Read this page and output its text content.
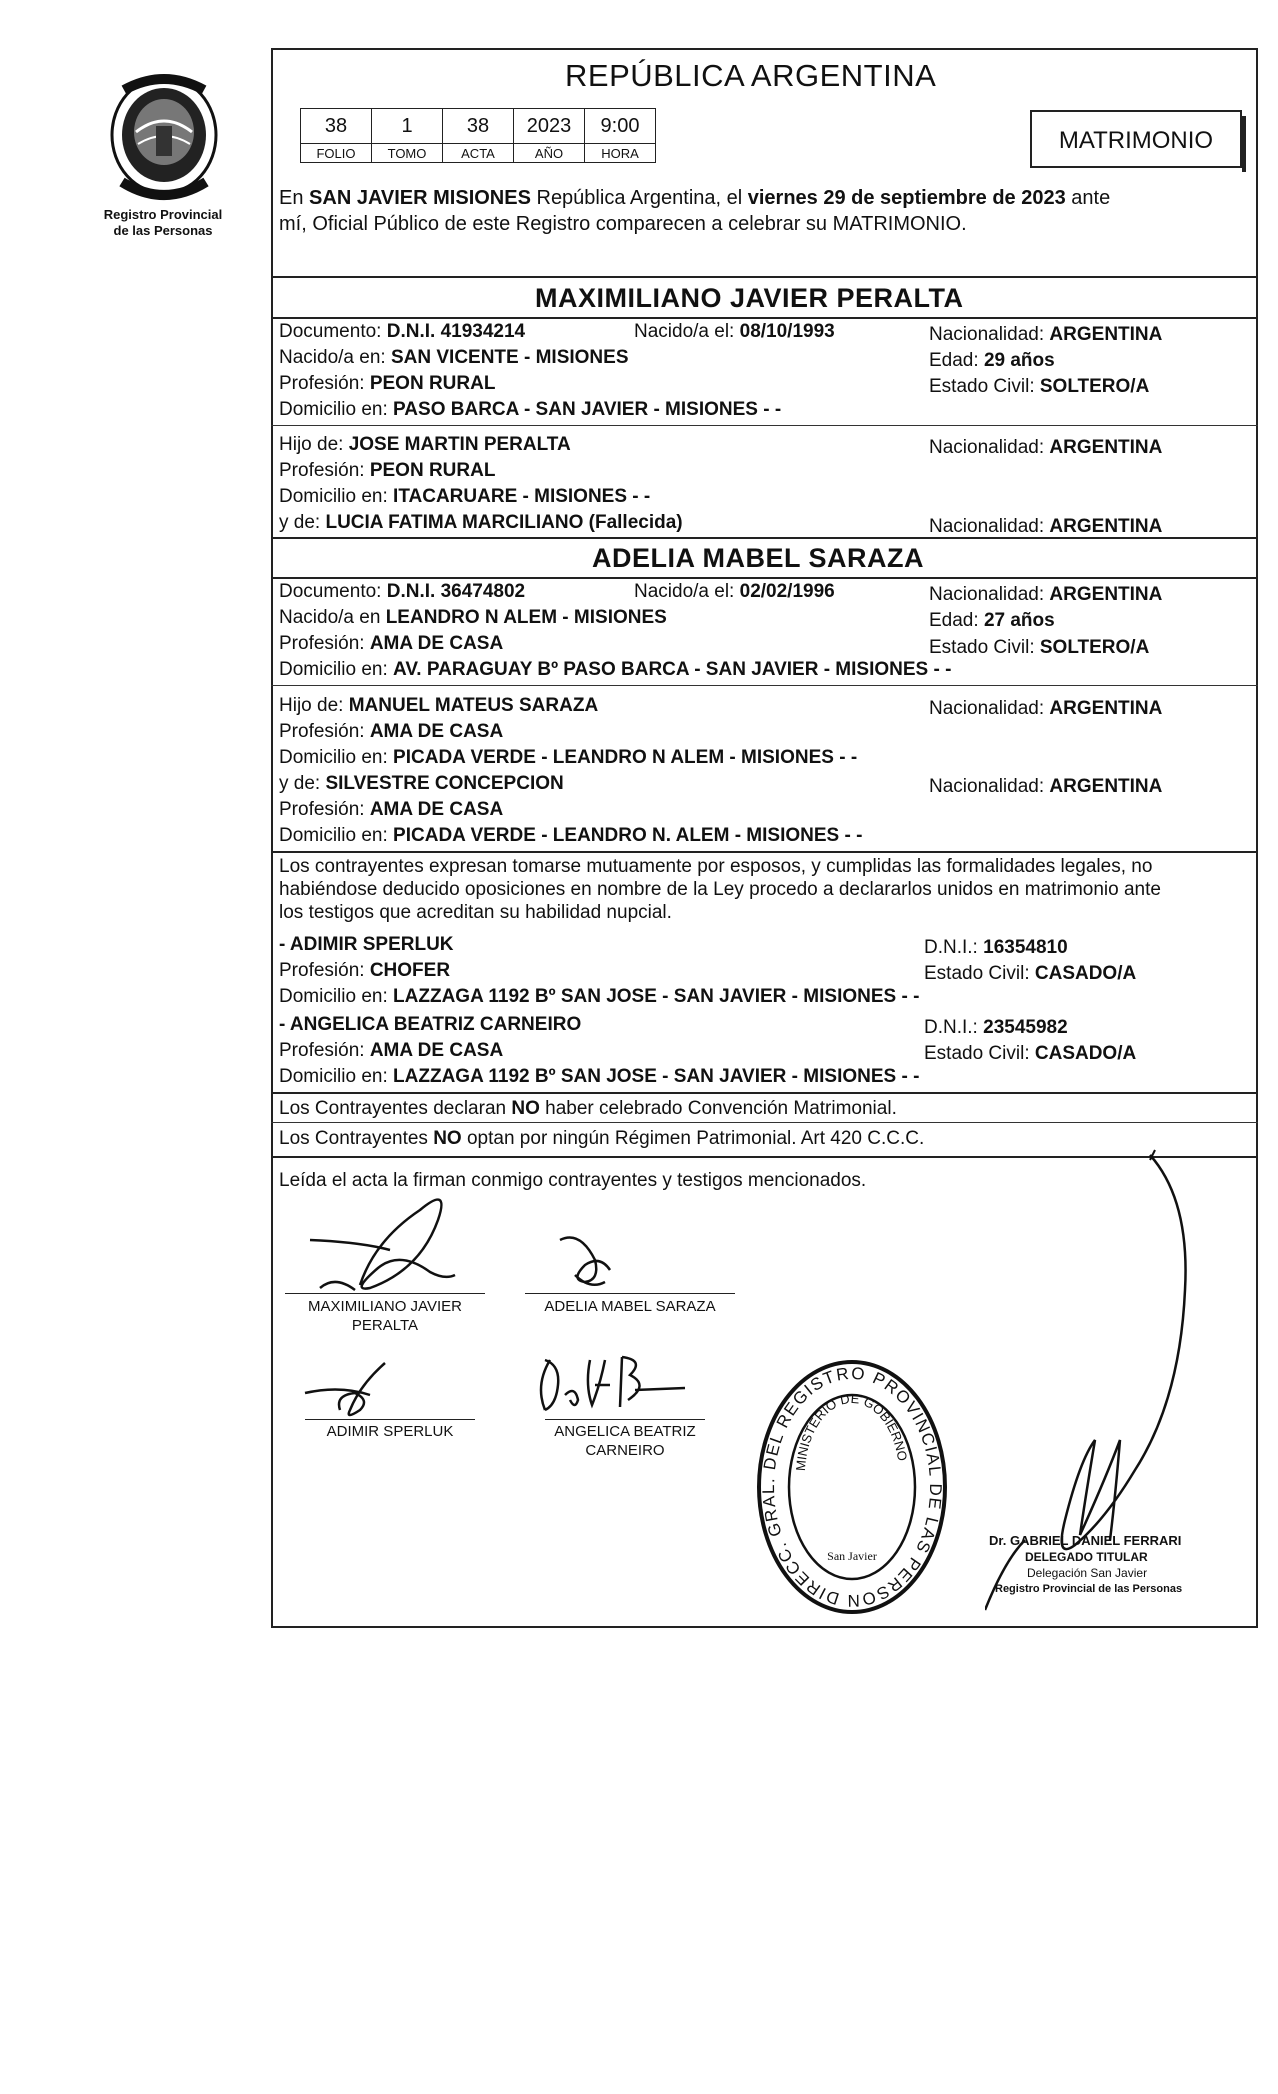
Registro Provincial
de las Personas
REPÚBLICA ARGENTINA
38	1	38	2023	9:00
FOLIO	TOMO	ACTA	AÑO	HORA	MATRIMONIO
En SAN JAVIER MISIONES República Argentina, el viernes 29 de septiembre de 2023 ante
mí, Oficial Público de este Registro comparecen a celebrar su MATRIMONIO.
MAXIMILIANO JAVIER PERALTA
Documento: D.N.I. 41934214	Nacido/a el: 08/10/1993	Nacionalidad: ARGENTINA
Nacido/a en: SAN VICENTE - MISIONES	Edad: 29 años
Profesión: PEON RURAL	Estado Civil: SOLTERO/A
Domicilio en: PASO BARCA - SAN JAVIER - MISIONES - -
Hijo de: JOSE MARTIN PERALTA	Nacionalidad: ARGENTINA
Profesión: PEON RURAL
Domicilio en: ITACARUARE - MISIONES - -
y de: LUCIA FATIMA MARCILIANO (Fallecida)	Nacionalidad: ARGENTINA
ADELIA MABEL SARAZA
Documento: D.N.I. 36474802	Nacido/a el: 02/02/1996	Nacionalidad: ARGENTINA
Nacido/a en LEANDRO N ALEM - MISIONES	Edad: 27 años
Profesión: AMA DE CASA	Estado Civil: SOLTERO/A
Domicilio en: AV. PARAGUAY Bº PASO BARCA - SAN JAVIER - MISIONES - -
Hijo de: MANUEL MATEUS SARAZA	Nacionalidad: ARGENTINA
Profesión: AMA DE CASA
Domicilio en: PICADA VERDE - LEANDRO N ALEM - MISIONES - -
y de: SILVESTRE CONCEPCION	Nacionalidad: ARGENTINA
Profesión: AMA DE CASA
Domicilio en: PICADA VERDE - LEANDRO N. ALEM - MISIONES - -
Los contrayentes expresan tomarse mutuamente por esposos, y cumplidas las formalidades legales, no
habiéndose deducido oposiciones en nombre de la Ley procedo a declararlos unidos en matrimonio ante
los testigos que acreditan su habilidad nupcial.
- ADIMIR SPERLUK	D.N.I.: 16354810
Profesión: CHOFER	Estado Civil: CASADO/A
Domicilio en: LAZZAGA 1192 Bº SAN JOSE - SAN JAVIER - MISIONES - -
- ANGELICA BEATRIZ CARNEIRO	D.N.I.: 23545982
Profesión: AMA DE CASA	Estado Civil: CASADO/A
Domicilio en: LAZZAGA 1192 Bº SAN JOSE - SAN JAVIER - MISIONES - -
Los Contrayentes declaran NO haber celebrado Convención Matrimonial.
Los Contrayentes NO optan por ningún Régimen Patrimonial. Art 420 C.C.C.
Leída el acta la firman conmigo contrayentes y testigos mencionados.
MAXIMILIANO JAVIER
PERALTA
ADELIA MABEL SARAZA
ADIMIR SPERLUK	ANGELICA BEATRIZ
CARNEIRO
DIRECC. GRAL. DEL REGISTRO PROVINCIAL DE LAS PERSON
MINISTERIO DE GOBIERNO
San Javier
Dr. GABRIEL DANIEL FERRARI
DELEGADO TITULAR
Delegación San Javier
Registro Provincial de las Personas
